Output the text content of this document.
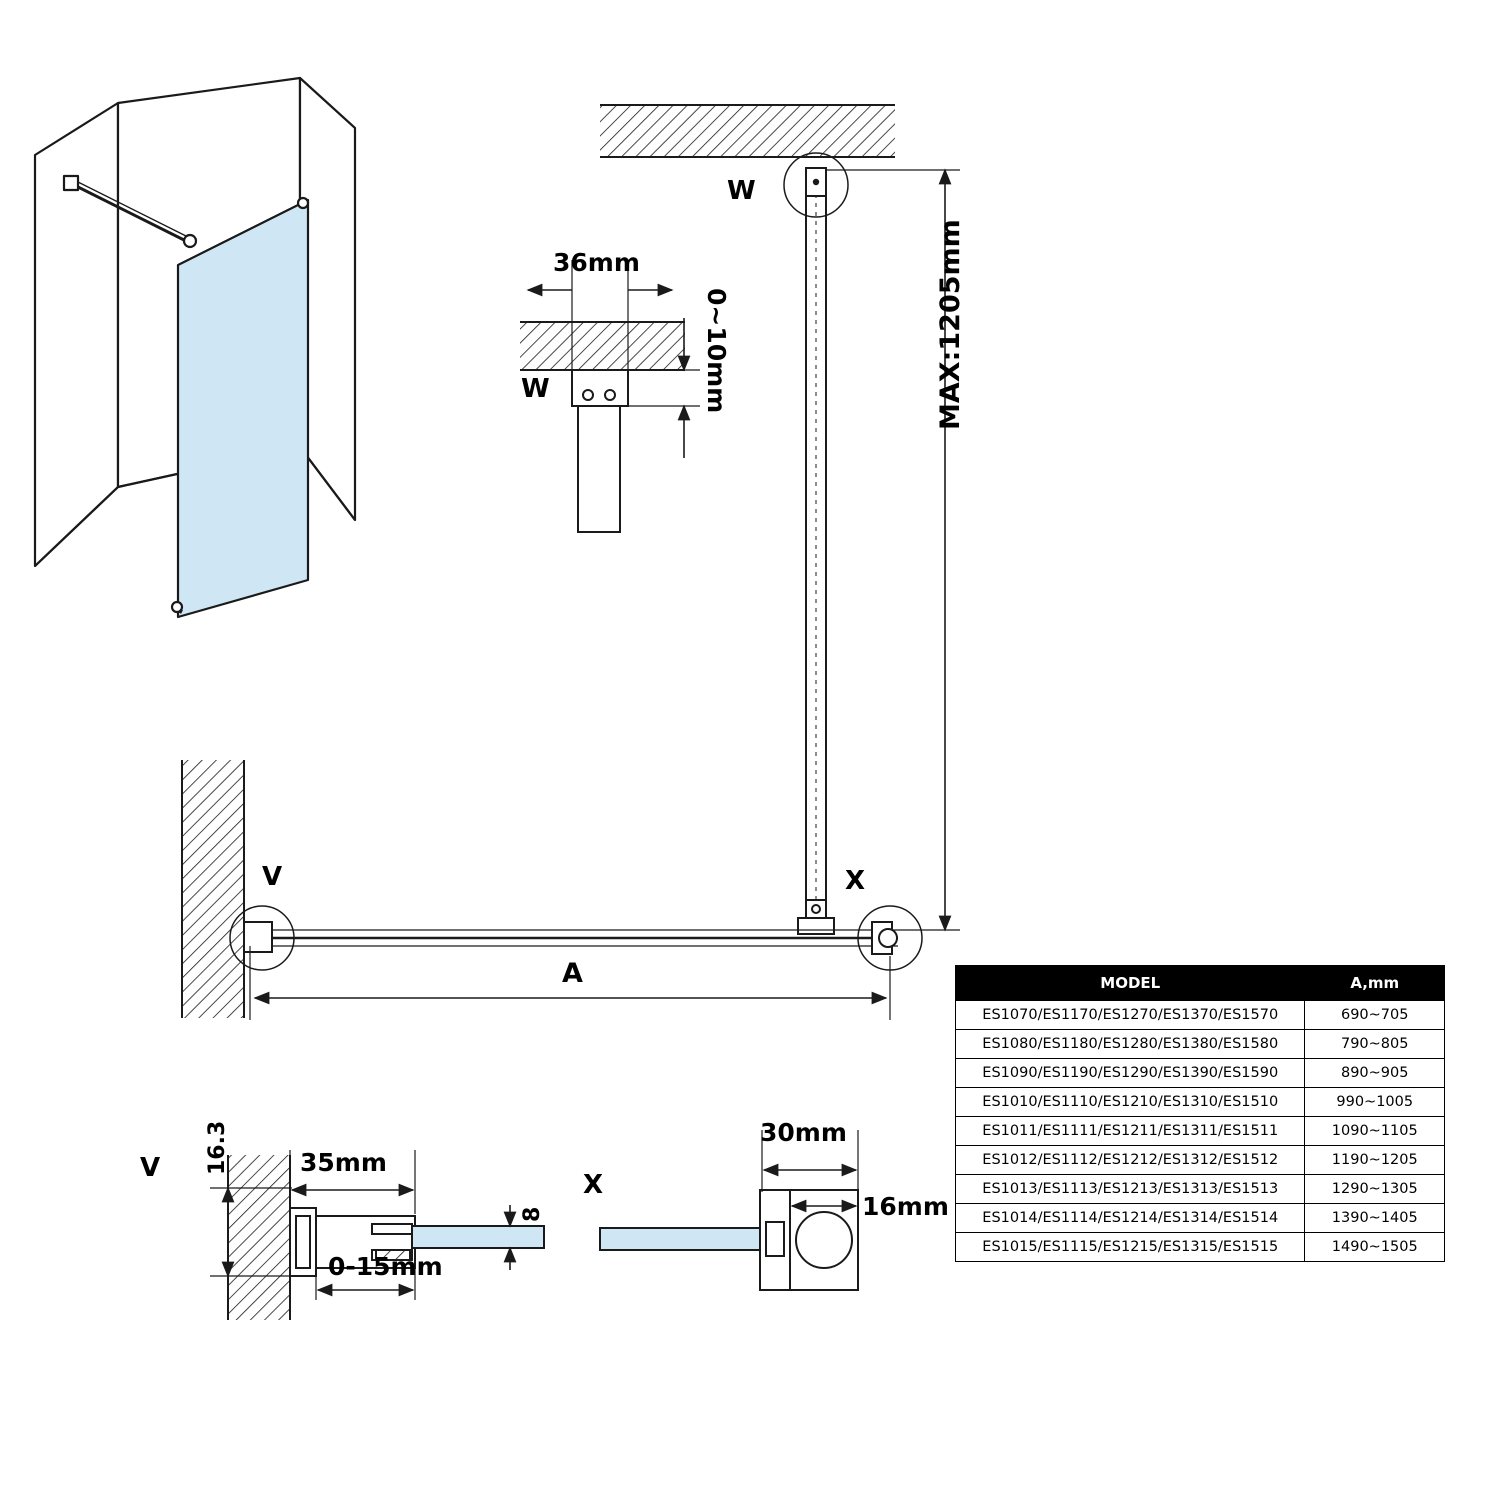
W
W
36mm
0~10mm	MAX:1205mm
A
V	X
V 16.3	35mm
8
0-15mm
X
30mm
16mm
MODEL	A,mm
ES1070/ES1170/ES1270/ES1370/ES1570	690~705
ES1080/ES1180/ES1280/ES1380/ES1580	790~805
ES1090/ES1190/ES1290/ES1390/ES1590	890~905
ES1010/ES1110/ES1210/ES1310/ES1510	990~1005
ES1011/ES1111/ES1211/ES1311/ES1511	1090~1105
ES1012/ES1112/ES1212/ES1312/ES1512	1190~1205
ES1013/ES1113/ES1213/ES1313/ES1513	1290~1305
ES1014/ES1114/ES1214/ES1314/ES1514	1390~1405
ES1015/ES1115/ES1215/ES1315/ES1515	1490~1505
